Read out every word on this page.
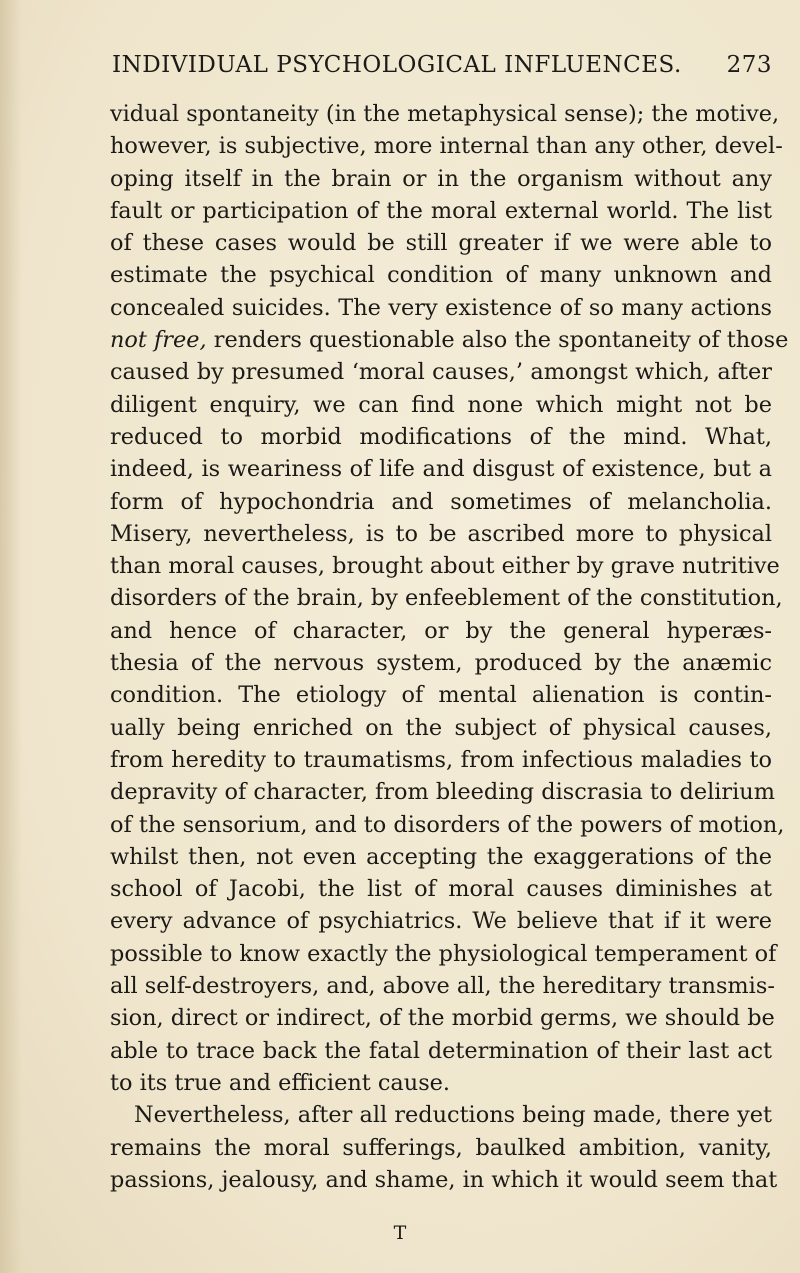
INDIVIDUAL PSYCHOLOGICAL INFLUENCES. 273
vidual spontaneity (in the metaphysical sense); the motive,
however, is subjective, more internal than any other, devel-
oping itself in the brain or in the organism without any
fault or participation of the moral external world. The list
of these cases would be still greater if we were able to
estimate the psychical condition of many unknown and
concealed suicides. The very existence of so many actions
not free, renders questionable also the spontaneity of those
caused by presumed ‘moral causes,’ amongst which, after
diligent enquiry, we can find none which might not be
reduced to morbid modifications of the mind. What,
indeed, is weariness of life and disgust of existence, but a
form of hypochondria and sometimes of melancholia.
Misery, nevertheless, is to be ascribed more to physical
than moral causes, brought about either by grave nutritive
disorders of the brain, by enfeeblement of the constitution,
and hence of character, or by the general hyperæs-
thesia of the nervous system, produced by the anæmic
condition. The etiology of mental alienation is contin-
ually being enriched on the subject of physical causes,
from heredity to traumatisms, from infectious maladies to
depravity of character, from bleeding discrasia to delirium
of the sensorium, and to disorders of the powers of motion,
whilst then, not even accepting the exaggerations of the
school of Jacobi, the list of moral causes diminishes at
every advance of psychiatrics. We believe that if it were
possible to know exactly the physiological temperament of
all self-destroyers, and, above all, the hereditary transmis-
sion, direct or indirect, of the morbid germs, we should be
able to trace back the fatal determination of their last act
to its true and efficient cause.
Nevertheless, after all reductions being made, there yet
remains the moral sufferings, baulked ambition, vanity,
passions, jealousy, and shame, in which it would seem that
T
